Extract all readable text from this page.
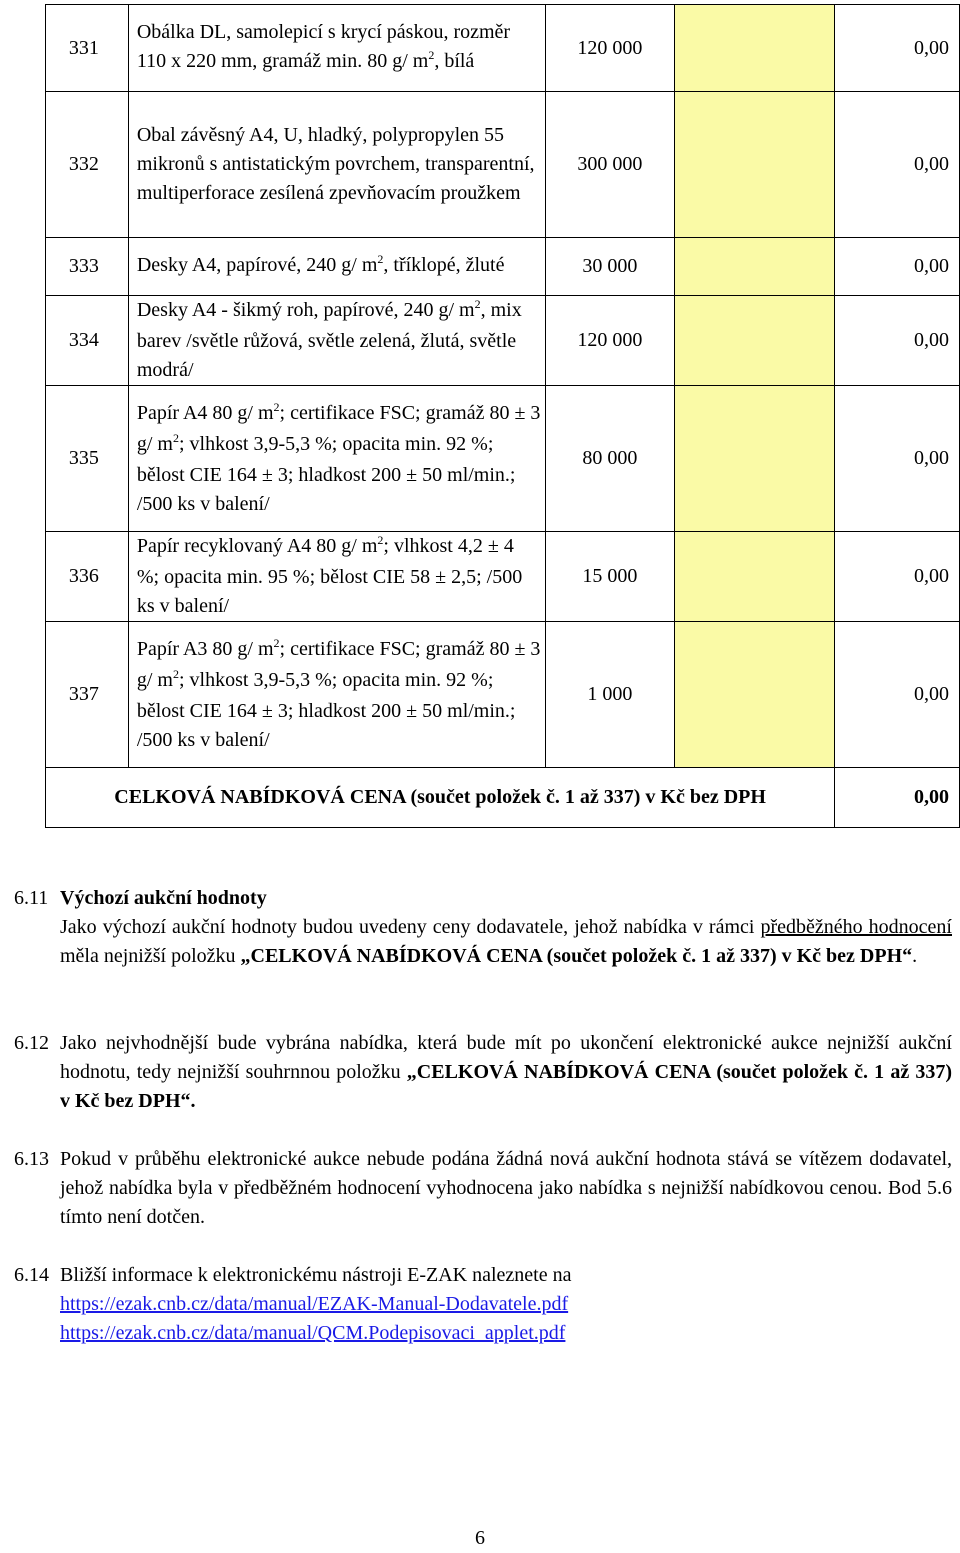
331	Obálka DL, samolepicí s krycí páskou, rozměr 110 x 220 mm, gramáž min. 80 g/ $m^2$, bílá	120 000		0,00
332	Obal závěsný A4, U, hladký, polypropylen 55 mikronů s antistatickým povrchem, transparentní, multiperforace zesílená zpevňovacím proužkem	300 000		0,00
333	Desky A4, papírové, 240 g/ $m^2$, tříklopé, žluté	30 000		0,00
334	Desky A4 - šikmý roh, papírové, 240 g/ $m^2$, mix barev /světle růžová, světle zelená, žlutá, světle modrá/	120 000		0,00
335	Papír A4 80 g/ $m^2$; certifikace FSC; gramáž 80 ± 3 g/ $m^2$; vlhkost 3,9-5,3 %; opacita min. 92 %; bělost CIE 164 ± 3; hladkost 200 ± 50 ml/min.; /500 ks v balení/	80 000		0,00
336	Papír recyklovaný A4 80 g/ $m^2$; vlhkost 4,2 ± 4 %; opacita min. 95 %; bělost CIE 58 ± 2,5; /500 ks v balení/	15 000		0,00
337	Papír A3 80 g/ $m^2$; certifikace FSC; gramáž 80 ± 3 g/ $m^2$; vlhkost 3,9-5,3 %; opacita min. 92 %; bělost CIE 164 ± 3; hladkost 200 ± 50 ml/min.; /500 ks v balení/	1 000		0,00
CELKOVÁ NABÍDKOVÁ CENA (součet položek č. 1 až 337) v Kč bez DPH				0,00
6.11 Výchozí aukční hodnoty
Jako výchozí aukční hodnoty budou uvedeny ceny dodavatele, jehož nabídka v rámci předběžného hodnocení měla nejnižší položku „CELKOVÁ NABÍDKOVÁ CENA (součet položek č. 1 až 337) v Kč bez DPH“.
6.12 Jako nejvhodnější bude vybrána nabídka, která bude mít po ukončení elektronické aukce nejnižší aukční hodnotu, tedy nejnižší souhrnnou položku „CELKOVÁ NABÍDKOVÁ CENA (součet položek č. 1 až 337) v Kč bez DPH“.
6.13 Pokud v průběhu elektronické aukce nebude podána žádná nová aukční hodnota stává se vítězem dodavatel, jehož nabídka byla v předběžném hodnocení vyhodnocena jako nabídka s nejnižší nabídkovou cenou. Bod 5.6 tímto není dotčen.
6.14 Bližší informace k elektronickému nástroji E-ZAK naleznete na
https://ezak.cnb.cz/data/manual/EZAK-Manual-Dodavatele.pdf
https://ezak.cnb.cz/data/manual/QCM.Podepisovaci_applet.pdf
6
